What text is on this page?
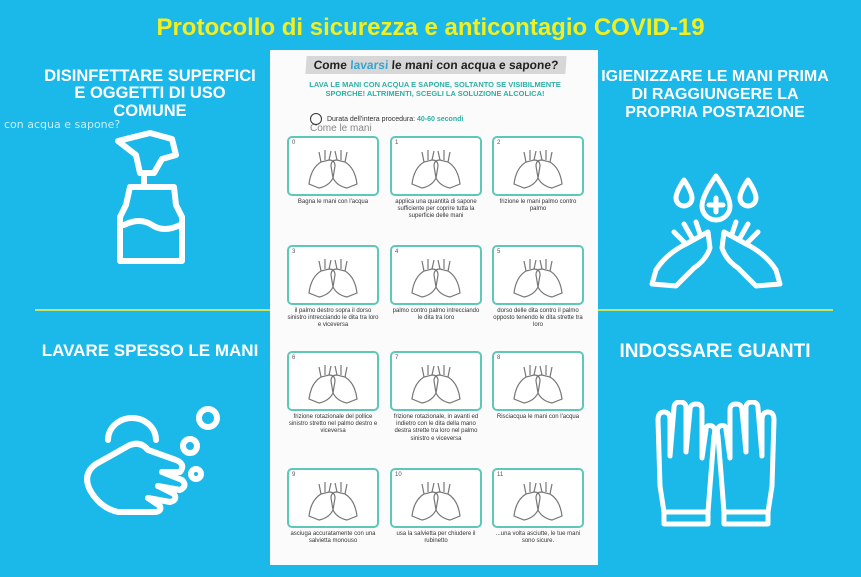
Protocollo di sicurezza e anticontagio COVID-19
DISINFETTARE SUPERFICI E OGGETTI DI USO COMUNE
IGIENIZZARE LE MANI PRIMA DI RAGGIUNGERE LA PROPRIA POSTAZIONE
LAVARE SPESSO LE MANI	INDOSSARE GUANTI
con acqua e sapone?
Come lavarsi le mani con acqua e sapone?
LAVA LE MANI CON ACQUA E SAPONE, SOLTANTO SE VISIBILMENTE SPORCHE! ALTRIMENTI, SCEGLI LA SOLUZIONE ALCOLICA!
Come le mani
Durata dell'intera procedura: 40-60 secondi
0
Bagna le mani con l'acqua
1
applica una quantità di sapone sufficiente per coprire tutta la superficie delle mani
2
frizione le mani palmo contro palmo
3
il palmo destro sopra il dorso sinistro intrecciando le dita tra loro e viceversa
4
palmo contro palmo intrecciando le dita tra loro
5
dorso delle dita contro il palmo opposto tenendo le dita strette tra loro
6
frizione rotazionale del pollice sinistro stretto nel palmo destro e viceversa
7
frizione rotazionale, in avanti ed indietro con le dita della mano destra strette tra loro nel palmo sinistro e viceversa
8
Risciacqua le mani con l'acqua
9
asciuga accuratamente con una salvietta monouso
10
usa la salvietta per chiudere il rubinetto
11
...una volta asciutte, le tue mani sono sicure.
